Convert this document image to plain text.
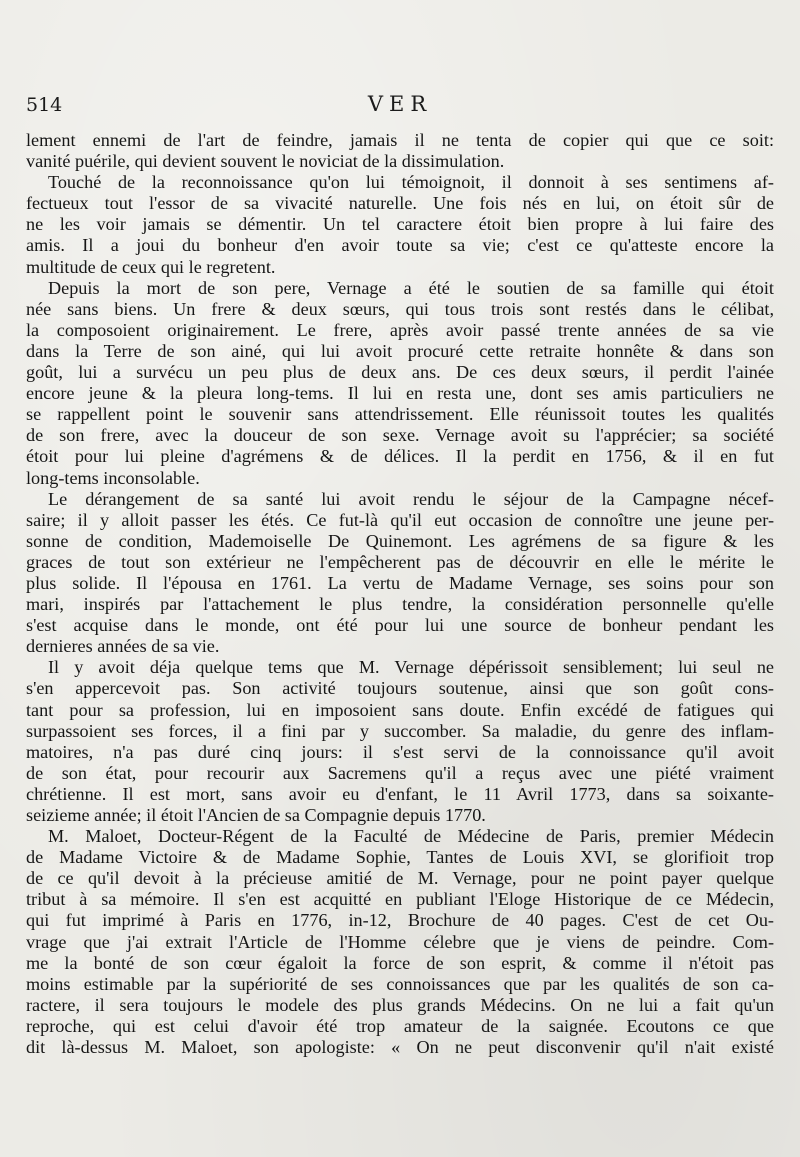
514	VER
lement ennemi de l'art de feindre, jamais il ne tenta de copier qui que ce soit:
vanité puérile, qui devient souvent le noviciat de la dissimulation.
Touché de la reconnoissance qu'on lui témoignoit, il donnoit à ses sentimens af-
fectueux tout l'essor de sa vivacité naturelle. Une fois nés en lui, on étoit sûr de
ne les voir jamais se démentir. Un tel caractere étoit bien propre à lui faire des
amis. Il a joui du bonheur d'en avoir toute sa vie; c'est ce qu'atteste encore la
multitude de ceux qui le regretent.
Depuis la mort de son pere, Vernage a été le soutien de sa famille qui étoit
née sans biens. Un frere & deux sœurs, qui tous trois sont restés dans le célibat,
la composoient originairement. Le frere, après avoir passé trente années de sa vie
dans la Terre de son ainé, qui lui avoit procuré cette retraite honnête & dans son
goût, lui a survécu un peu plus de deux ans. De ces deux sœurs, il perdit l'ainée
encore jeune & la pleura long-tems. Il lui en resta une, dont ses amis particuliers ne
se rappellent point le souvenir sans attendrissement. Elle réunissoit toutes les qualités
de son frere, avec la douceur de son sexe. Vernage avoit su l'apprécier; sa société
étoit pour lui pleine d'agrémens & de délices. Il la perdit en 1756, & il en fut
long-tems inconsolable.
Le dérangement de sa santé lui avoit rendu le séjour de la Campagne nécef-
saire; il y alloit passer les étés. Ce fut-là qu'il eut occasion de connoître une jeune per-
sonne de condition, Mademoiselle De Quinemont. Les agrémens de sa figure & les
graces de tout son extérieur ne l'empêcherent pas de découvrir en elle le mérite le
plus solide. Il l'épousa en 1761. La vertu de Madame Vernage, ses soins pour son
mari, inspirés par l'attachement le plus tendre, la considération personnelle qu'elle
s'est acquise dans le monde, ont été pour lui une source de bonheur pendant les
dernieres années de sa vie.
Il y avoit déja quelque tems que M. Vernage dépérissoit sensiblement; lui seul ne
s'en appercevoit pas. Son activité toujours soutenue, ainsi que son goût cons-
tant pour sa profession, lui en imposoient sans doute. Enfin excédé de fatigues qui
surpassoient ses forces, il a fini par y succomber. Sa maladie, du genre des inflam-
matoires, n'a pas duré cinq jours: il s'est servi de la connoissance qu'il avoit
de son état, pour recourir aux Sacremens qu'il a reçus avec une piété vraiment
chrétienne. Il est mort, sans avoir eu d'enfant, le 11 Avril 1773, dans sa soixante-
seizieme année; il étoit l'Ancien de sa Compagnie depuis 1770.
M. Maloet, Docteur-Régent de la Faculté de Médecine de Paris, premier Médecin
de Madame Victoire & de Madame Sophie, Tantes de Louis XVI, se glorifioit trop
de ce qu'il devoit à la précieuse amitié de M. Vernage, pour ne point payer quelque
tribut à sa mémoire. Il s'en est acquitté en publiant l'Eloge Historique de ce Médecin,
qui fut imprimé à Paris en 1776, in-12, Brochure de 40 pages. C'est de cet Ou-
vrage que j'ai extrait l'Article de l'Homme célebre que je viens de peindre. Com-
me la bonté de son cœur égaloit la force de son esprit, & comme il n'étoit pas
moins estimable par la supériorité de ses connoissances que par les qualités de son ca-
ractere, il sera toujours le modele des plus grands Médecins. On ne lui a fait qu'un
reproche, qui est celui d'avoir été trop amateur de la saignée. Ecoutons ce que
dit là-dessus M. Maloet, son apologiste: « On ne peut disconvenir qu'il n'ait existé
